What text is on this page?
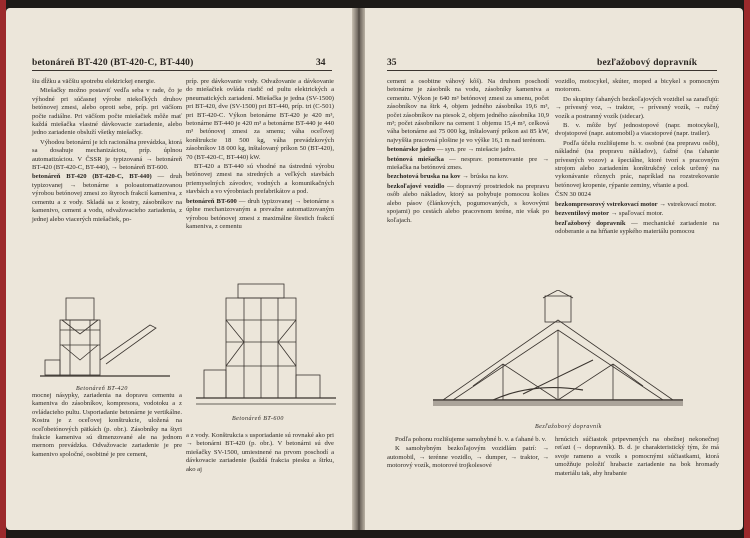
betonáreň BT-420 (BT-420-C, BT-440)	34

šiu dĺžku a väčšiu spotrebu elektrickej energie.

Miešačky možno postaviť vedľa seba v rade, čo je výhodné pri súčasnej výrobe niekoľkých druhov betónovej zmesi, alebo oproti sebe, príp. pri väčšom počte radiálne. Pri väčšom počte miešačiek môže mať každá miešačka vlastné dávkovacie zariadenie, alebo jedno zariadenie obsluží všetky miešačky.

Výhodou betonární je ich racionálna prevádzka, ktorá sa dosahuje mechanizáciou, príp. úplnou automatizáciou. V ČSSR je typizovaná → betonáreň BT-420 (BT-420-C, BT-440), → betonáreň BT-600.

betonáreň BT-420 (BT-420-C, BT-440) — druh typizovanej → betonárne s poloautomatizovanou výrobou betónovej zmesi zo štyroch frakcií kameniva, z cementu a z vody. Skladá sa z kostry, zásobníkov na kamenivo, cement a vodu, odvažovacieho zariadenia, z jednej alebo viacerých miešačiek, po-

príp. pre dávkovanie vody. Odvažovanie a dávkovanie do miešačiek ovláda riadič od pultu elektrických a pneumatických zariadení. Miešačka je jedna (SV-1500) pri BT-420, dve (SV-1500) pri BT-440, príp. tri (C-501) pri BT-420-C. Výkon betonárne BT-420 je 420 m³, betonárne BT-440 je 420 m³ a betonárne BT-440 je 440 m³ betónovej zmesi za smenu; váha oceľovej konštrukcie 18 500 kg, váha prevádzkových zásobníkov 18 000 kg, inštalovaný príkon 50 (BT-420), 70 (BT-420-C, BT-440) kW.

BT-420 a BT-440 sú vhodné na ústrednú výrobu betónovej zmesi na stredných a veľkých stavbách priemyselných závodov, vodných a komunikačných stavbách a vo výrobniach prefabrikátov a pod.

betonáreň BT-600 — druh typizovanej → betonárne s úplne mechanizovaným a prevažne automatizovaným výrobou betónovej zmesi z maximálne šiestich frakcií kameniva, z cementu

Betonáreň BT-420
Betonáreň BT-600

mocnej násypky, zariadenia na dopravu cementu a kameniva do zásobníkov, kompresora, vodotoku a z ovládacieho pultu. Usporiadanie betonárne je vertikálne. Kostra je z oceľovej konštrukcie, uložená na oceľobetónových pätkách (p. obr.). Zásobníky na štyri frakcie kameniva sú dimenzované ale na jednom mernom prevádzka. Odvažovacie zariadenie je pre kamenivo spoločné, osobitné je pre cement,

a z vody. Konštrukcia s usporiadanie sú rovnaké ako pri → betonárni BT-420 (p. obr.). V betonárni sú dve miešačky SV-1500, umiestnené na prvom poschodí a dávkovacie zariadenie (každá frakcia piesku a štrku, ako aj

35	bezľažobový dopravník

cement a osobitne váhový kôš). Na druhom poschodí betonárne je zásobník na vodu, zásobníky kameniva a cementu. Výkon je 640 m³ betónovej zmesi za smenu, počet zásobníkov na štrk 4, objem jedného zásobníka 19,6 m³, počet zásobníkov na piesok 2, objem jedného zásobníka 10,9 m³; počet zásobníkov na cement 1 objemu 15,4 m³, celková váha betonárne asi 75 000 kg, inštalovaný príkon asi 85 kW, najvyššia pracovná plošine je vo výške 16,1 m nad terénom.

betonárske jadro — syn. pre → miešacie jadro.

betónová miešačka — nesprav. pomenovanie pre → miešačka na betónovú zmes.

bezchotová bruska na kov → brúska na kov.

bezkoľajové vozidlo — dopravný prostriedok na prepravu osôb alebo nákladov, ktorý sa pohybuje pomocou kolies alebo pásov (článkových, pogumovaných, s kovovými spojami) po cestách alebo pracovnom teréne, nie však po koľajach.

vozidlo, motocykel, skúter, moped a bicykel s pomocným motorom.

Do skupiny ťahaných bezkoľajových vozidiel sa zaraďujú: → prívesný voz, → traktor, → prívesný vozík, → ručný vozík a postranný vozík (sidecar).

B. v. môže byť jednostopové (napr. motocykel), dvojstopové (napr. automobil) a viacstopové (napr. trailer).

Podľa účelu rozlišujeme b. v. osobné (na prepravu osôb), nákladné (na prepravu nákladov), ťažné (na ťahanie prívesných vozov) a špeciálne, ktoré tvorí s pracovným strojom alebo zariadením konštrukčný celok určený na vykonávanie rôznych prác, napríklad na rozstrekovanie betónovej kropenie, rýpanie zeminy, vŕtanie a pod.

ČSN 30 0024

bezkompresorový vstrekovací motor → vstrekovací motor.

bezventilový motor → spaľovací motor.

bezľažobový dopravník — mechanické zariadenie na odoberanie a na hŕňanie sypkého materiálu pomocou

Bezľažobový dopravník

Podľa pohonu rozlišujeme samohybné b. v. a ťahané b. v.

K samohybným bezkoľajovým vozidlám patrí: → automobil, → terénne vozidlo, → dumper, → traktor, → motorový vozík, motorové trojkolesové

hrnúcich súčiastok pripevnených na obežnej nekonečnej reťazi (→ dopravník). B. d. je charakteristický tým, že má svoje rameno a vozík s pomocnými súčiastkami, ktorá umožňuje položiť hrabacie zariadenie na bok hromady materiálu tak, aby hrabanie
